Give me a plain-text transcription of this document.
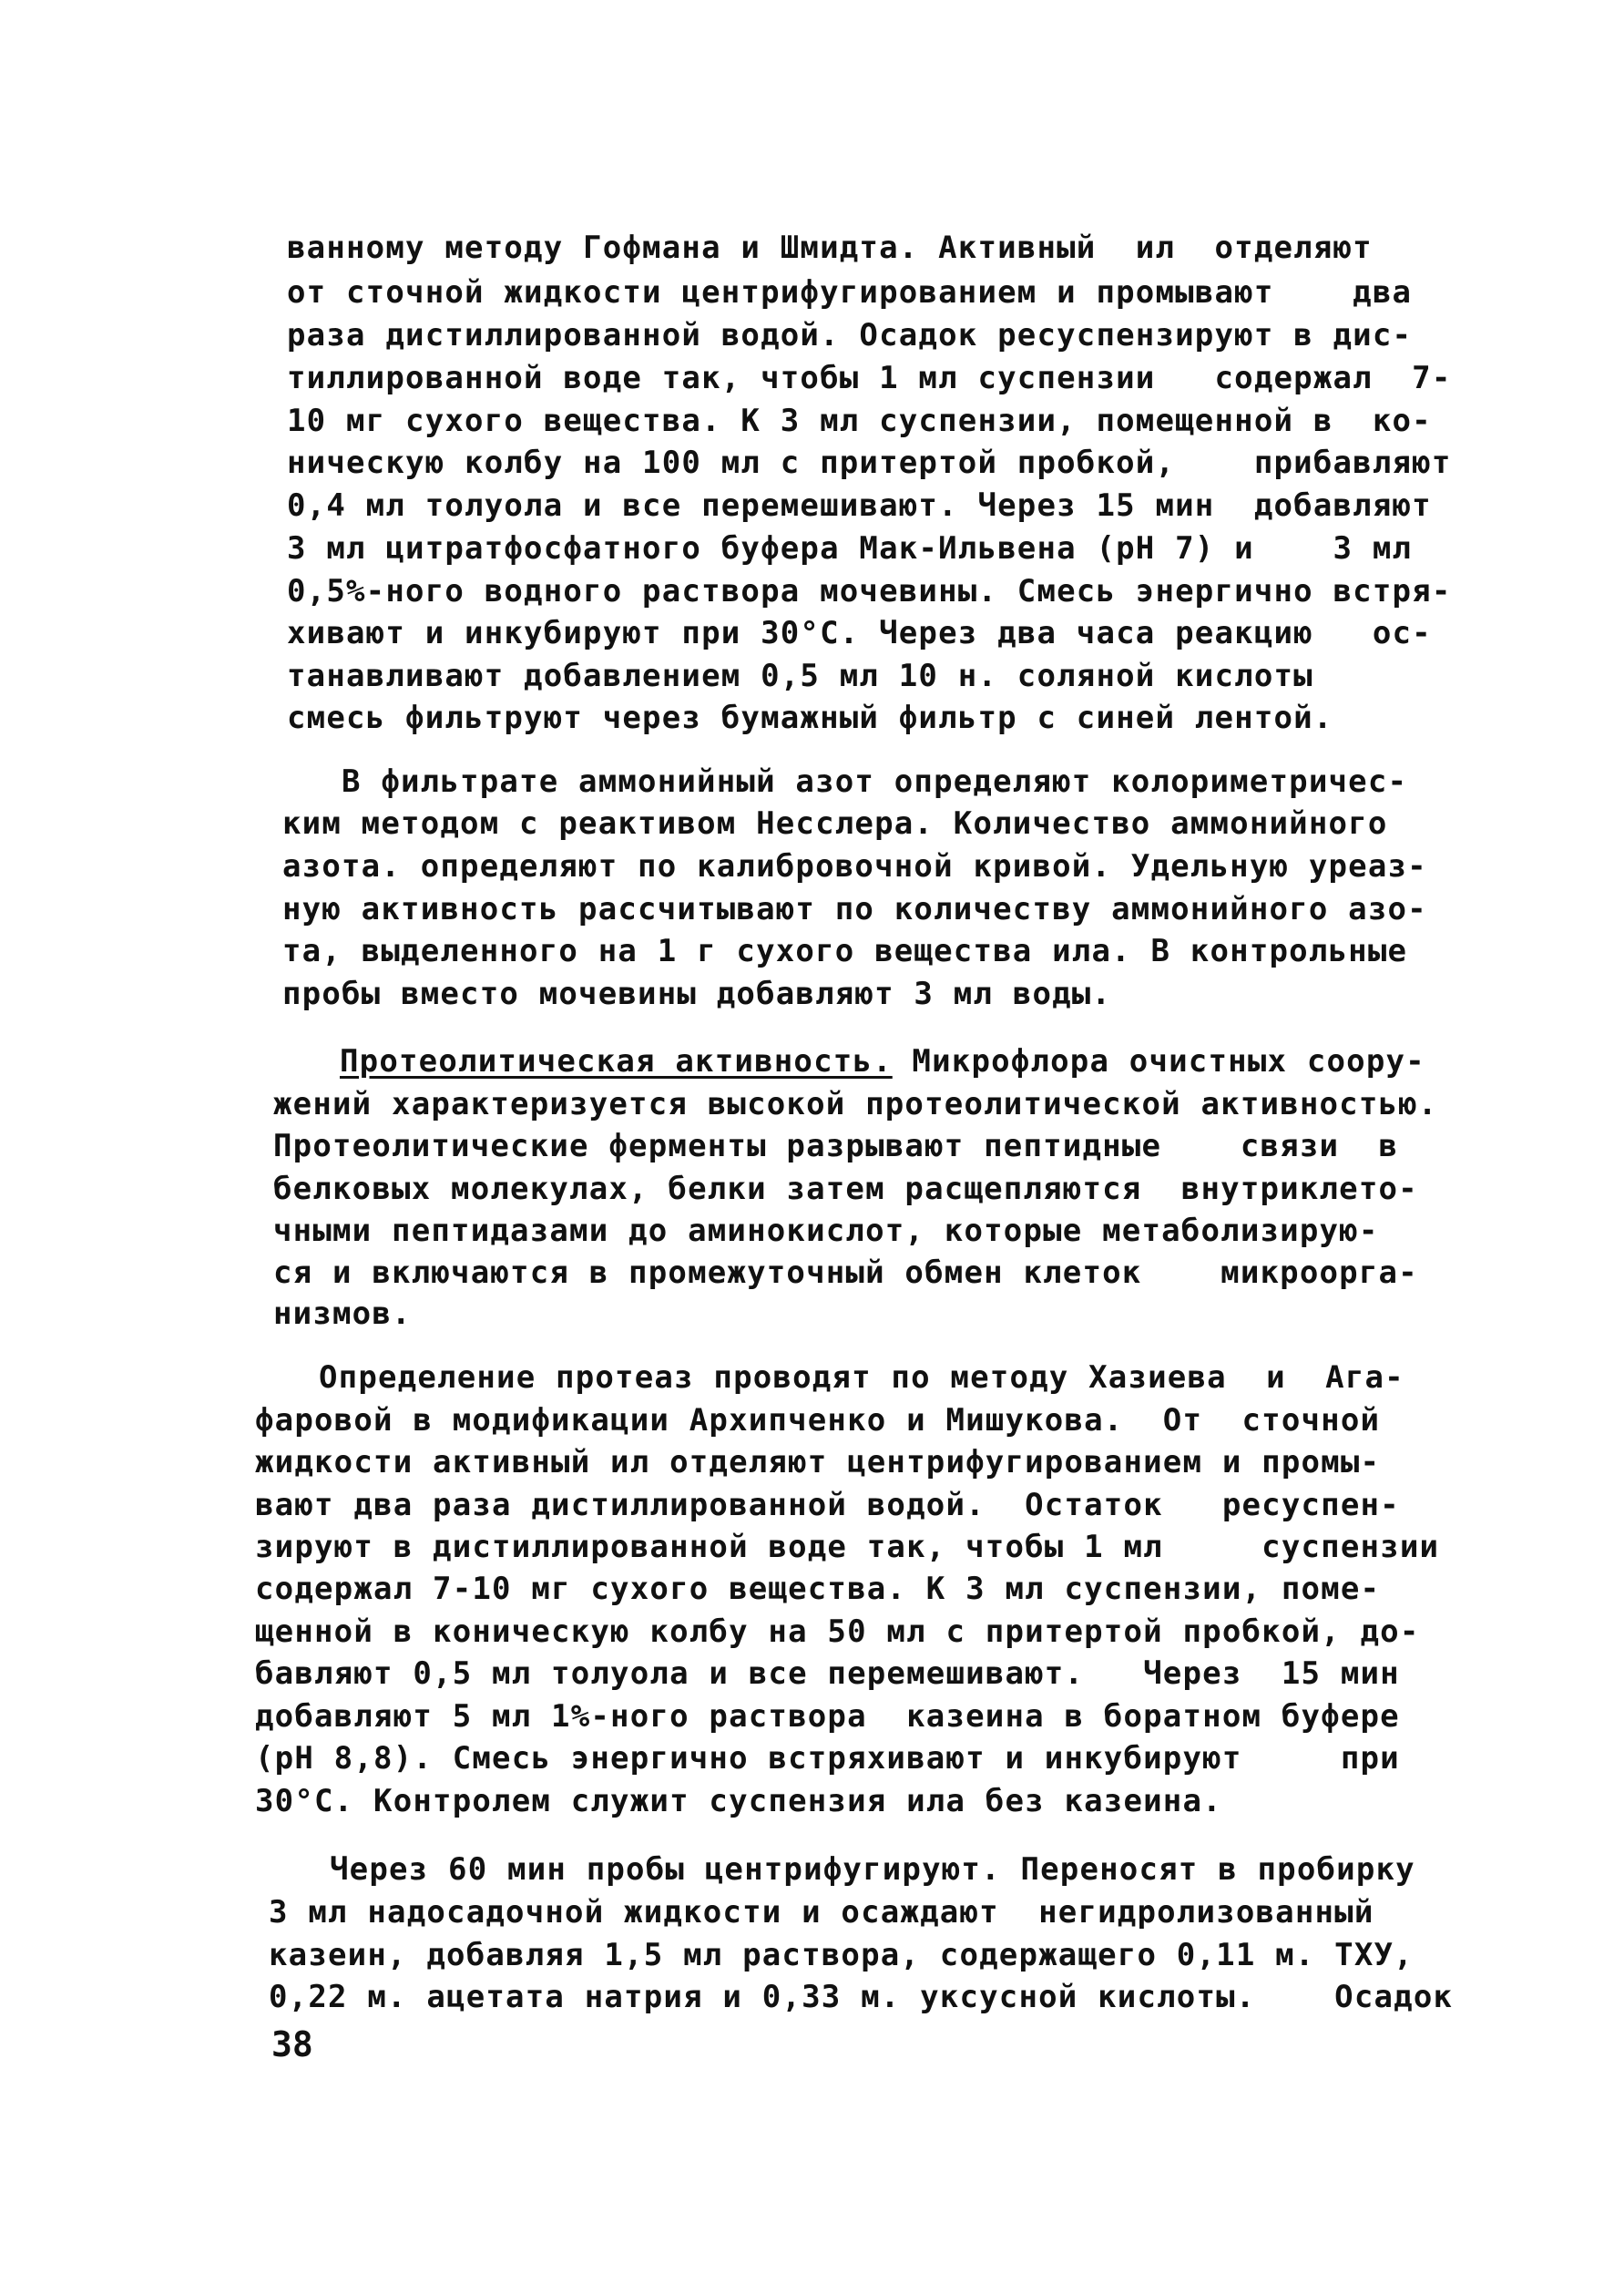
ванному методу Гофмана и Шмидта. Активный  ил  отделяют
от сточной жидкости центрифугированием и промывают    два
раза дистиллированной водой. Осадок ресуспензируют в дис-
тиллированной воде так, чтобы 1 мл суспензии   содержал  7-
10 мг сухого вещества. К 3 мл суспензии, помещенной в  ко-
ническую колбу на 100 мл с притертой пробкой,    прибавляют
0,4 мл толуола и все перемешивают. Через 15 мин  добавляют
3 мл цитратфосфатного буфера Мак-Ильвена (рН 7) и    3 мл
0,5%-ного водного раствора мочевины. Смесь энергично встря-
хивают и инкубируют при 30°С. Через два часа реакцию   ос-
танавливают добавлением 0,5 мл 10 н. соляной кислоты
смесь фильтруют через бумажный фильтр с синей лентой.
В фильтрате аммонийный азот определяют колориметричес-
ким методом с реактивом Несслера. Количество аммонийного
азота. определяют по калибровочной кривой. Удельную уреаз-
ную активность рассчитывают по количеству аммонийного азо-
та, выделенного на 1 г сухого вещества ила. В контрольные
пробы вместо мочевины добавляют 3 мл воды.
Протеолитическая активность. Микрофлора очистных соору-
жений характеризуется высокой протеолитической активностью.
Протеолитические ферменты разрывают пептидные    связи  в
белковых молекулах, белки затем расщепляются  внутриклето-
чными пептидазами до аминокислот, которые метаболизирую-
ся и включаются в промежуточный обмен клеток    микроорга-
низмов.
Определение протеаз проводят по методу Хазиева  и  Ага-
фаровой в модификации Архипченко и Мишукова.  От  сточной
жидкости активный ил отделяют центрифугированием и промы-
вают два раза дистиллированной водой.  Остаток   ресуспен-
зируют в дистиллированной воде так, чтобы 1 мл     суспензии
содержал 7-10 мг сухого вещества. К 3 мл суспензии, поме-
щенной в коническую колбу на 50 мл с притертой пробкой, до-
бавляют 0,5 мл толуола и все перемешивают.   Через  15 мин
добавляют 5 мл 1%-ного раствора  казеина в боратном буфере
(рН 8,8). Смесь энергично встряхивают и инкубируют     при
30°С. Контролем служит суспензия ила без казеина.
Через 60 мин пробы центрифугируют. Переносят в пробирку
3 мл надосадочной жидкости и осаждают  негидролизованный
казеин, добавляя 1,5 мл раствора, содержащего 0,11 м. ТХУ,
0,22 м. ацетата натрия и 0,33 м. уксусной кислоты.    Осадок
38
